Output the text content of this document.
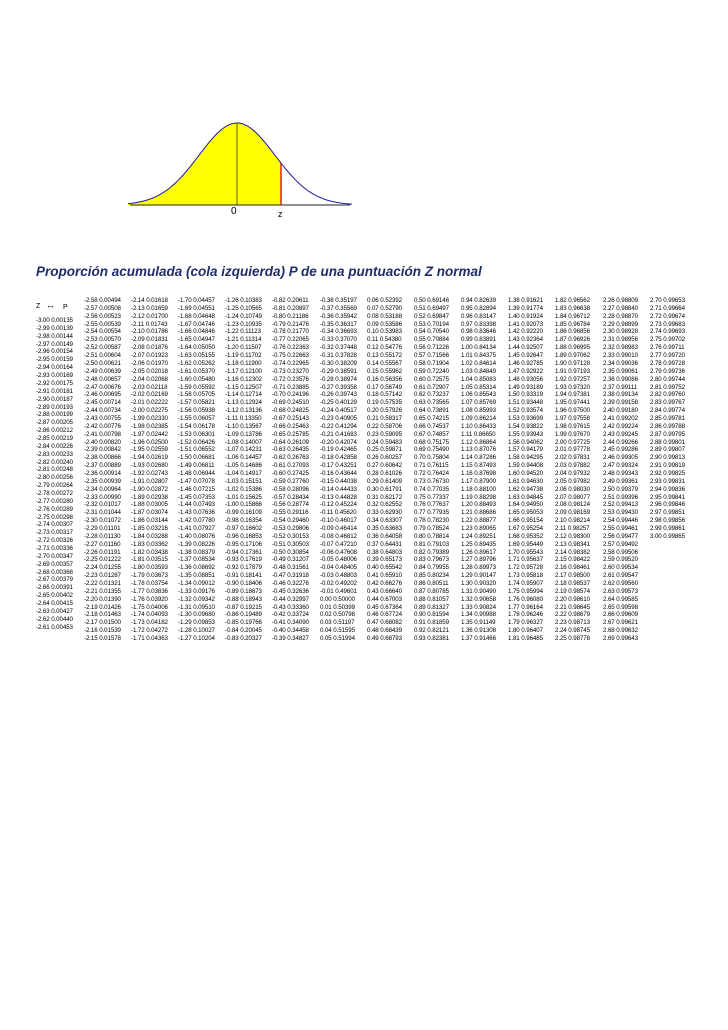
0	z
Proporción acumulada (cola izquierda) P de una puntuación Z normal
Z ↔ P
-3.00 0.00135
-2.99 0.00139
-2.98 0.00144
-2.97 0.00149
-2.96 0.00154
-2.95 0.00159
-2.94 0.00164
-2.93 0.00169
-2.92 0.00175
-2.91 0.00181
-2.90 0.00187
-2.89 0.00193
-2.88 0.00199
-2.87 0.00205
-2.86 0.00212
-2.85 0.00219
-2.84 0.00226
-2.83 0.00233
-2.82 0.00240
-2.81 0.00248
-2.80 0.00256
-2.79 0.00264
-2.78 0.00272
-2.77 0.00280
-2.76 0.00289
-2.75 0.00298
-2.74 0.00307
-2.73 0.00317
-2.72 0.00326
-2.71 0.00336
-2.70 0.00347
-2.69 0.00357
-2.68 0.00368
-2.67 0.00379
-2.66 0.00391
-2.65 0.00402
-2.64 0.00415
-2.63 0.00427
-2.62 0.00440
-2.61 0.00453
-2.58 0.00494
-2.57 0.00508
-2.56 0.00523
-2.55 0.00539
-2.54 0.00554
-2.53 0.00570
-2.52 0.00587
-2.51 0.00604
-2.50 0.00621
-2.49 0.00639
-2.48 0.00657
-2.47 0.00676
-2.46 0.00695
-2.45 0.00714
-2.44 0.00734
-2.43 0.00755
-2.42 0.00776
-2.41 0.00798
-2.40 0.00820
-2.39 0.00842
-2.38 0.00866
-2.37 0.00889
-2.36 0.00914
-2.35 0.00939
-2.34 0.00964
-2.33 0.00990
-2.32 0.01017
-2.31 0.01044
-2.30 0.01072
-2.29 0.01101
-2.28 0.01130
-2.27 0.01160
-2.26 0.01191
-2.25 0.01222
-2.24 0.01255
-2.23 0.01287
-2.22 0.01321
-2.21 0.01355
-2.20 0.01390
-2.19 0.01426
-2.18 0.01463
-2.17 0.01500
-2.16 0.01539
-2.15 0.01578
-2.14 0.01618
-2.13 0.01659
-2.12 0.01700
-2.11 0.01743
-2.10 0.01786
-2.09 0.01831
-2.08 0.01876
-2.07 0.01923
-2.06 0.01970
-2.05 0.02018
-2.04 0.02068
-2.03 0.02118
-2.02 0.02169
-2.01 0.02222
-2.00 0.02275
-1.99 0.02330
-1.98 0.02385
-1.97 0.02442
-1.96 0.02500
-1.95 0.02559
-1.94 0.02619
-1.93 0.02680
-1.92 0.02743
-1.91 0.02807
-1.90 0.02872
-1.89 0.02938
-1.88 0.03005
-1.87 0.03074
-1.86 0.03144
-1.85 0.03216
-1.84 0.03288
-1.83 0.03362
-1.82 0.03438
-1.81 0.03515
-1.80 0.03593
-1.79 0.03673
-1.78 0.03754
-1.77 0.03836
-1.76 0.03920
-1.75 0.04006
-1.74 0.04093
-1.73 0.04182
-1.72 0.04272
-1.71 0.04363
-1.70 0.04457
-1.69 0.04551
-1.68 0.04648
-1.67 0.04746
-1.66 0.04846
-1.65 0.04947
-1.64 0.05050
-1.63 0.05155
-1.62 0.05262
-1.61 0.05370
-1.60 0.05480
-1.59 0.05592
-1.58 0.05705
-1.57 0.05821
-1.56 0.05938
-1.55 0.06057
-1.54 0.06178
-1.53 0.06301
-1.52 0.06426
-1.51 0.06552
-1.50 0.06681
-1.49 0.06811
-1.48 0.06944
-1.47 0.07078
-1.46 0.07215
-1.45 0.07353
-1.44 0.07493
-1.43 0.07636
-1.42 0.07780
-1.41 0.07927
-1.40 0.08076
-1.39 0.08226
-1.38 0.08379
-1.37 0.08534
-1.36 0.08692
-1.35 0.08851
-1.34 0.09012
-1.33 0.09176
-1.32 0.09342
-1.31 0.09510
-1.30 0.09680
-1.29 0.09853
-1.28 0.10027
-1.27 0.10204
-1.26 0.10383
-1.25 0.10565
-1.24 0.10749
-1.23 0.10935
-1.22 0.11123
-1.21 0.11314
-1.20 0.11507
-1.19 0.11702
-1.18 0.11900
-1.17 0.12100
-1.16 0.12302
-1.15 0.12507
-1.14 0.12714
-1.13 0.12924
-1.12 0.13136
-1.11 0.13350
-1.10 0.13567
-1.09 0.13786
-1.08 0.14007
-1.07 0.14231
-1.06 0.14457
-1.05 0.14686
-1.04 0.14917
-1.03 0.15151
-1.02 0.15386
-1.01 0.15625
-1.00 0.15866
-0.99 0.16109
-0.98 0.16354
-0.97 0.16602
-0.96 0.16853
-0.95 0.17106
-0.94 0.17361
-0.93 0.17619
-0.92 0.17879
-0.91 0.18141
-0.90 0.18406
-0.89 0.18673
-0.88 0.18943
-0.87 0.19215
-0.86 0.19489
-0.85 0.19766
-0.84 0.20045
-0.83 0.20327
-0.82 0.20611
-0.81 0.20897
-0.80 0.21186
-0.79 0.21476
-0.78 0.21770
-0.77 0.22065
-0.76 0.22363
-0.75 0.22663
-0.74 0.22965
-0.73 0.23270
-0.72 0.23576
-0.71 0.23885
-0.70 0.24196
-0.69 0.24510
-0.68 0.24825
-0.67 0.25143
-0.66 0.25463
-0.65 0.25785
-0.64 0.26109
-0.63 0.26435
-0.62 0.26763
-0.61 0.27093
-0.60 0.27425
-0.59 0.27760
-0.58 0.28096
-0.57 0.28434
-0.56 0.28774
-0.55 0.29116
-0.54 0.29460
-0.53 0.29806
-0.52 0.30153
-0.51 0.30503
-0.50 0.30854
-0.49 0.31207
-0.48 0.31561
-0.47 0.31918
-0.46 0.32276
-0.45 0.32636
-0.44 0.32997
-0.43 0.33360
-0.42 0.33724
-0.41 0.34090
-0.40 0.34458
-0.39 0.34827
-0.38 0.35197
-0.37 0.35569
-0.36 0.35942
-0.35 0.36317
-0.34 0.36693
-0.33 0.37070
-0.32 0.37448
-0.31 0.37828
-0.30 0.38209
-0.29 0.38591
-0.28 0.38974
-0.27 0.39358
-0.26 0.39743
-0.25 0.40129
-0.24 0.40517
-0.23 0.40905
-0.22 0.41294
-0.21 0.41683
-0.20 0.42074
-0.19 0.42465
-0.18 0.42858
-0.17 0.43251
-0.16 0.43644
-0.15 0.44038
-0.14 0.44433
-0.13 0.44828
-0.12 0.45224
-0.11 0.45620
-0.10 0.46017
-0.09 0.46414
-0.08 0.46812
-0.07 0.47210
-0.06 0.47608
-0.05 0.48006
-0.04 0.48405
-0.03 0.48803
-0.02 0.49202
-0.01 0.49601
0.00 0.50000
0.01 0.50399
0.02 0.50798
0.03 0.51197
0.04 0.51595
0.05 0.51994
0.06 0.52392
0.07 0.52790
0.08 0.53188
0.09 0.53586
0.10 0.53983
0.11 0.54380
0.12 0.54776
0.13 0.55172
0.14 0.55567
0.15 0.55962
0.16 0.56356
0.17 0.56749
0.18 0.57142
0.19 0.57535
0.20 0.57926
0.21 0.58317
0.22 0.58706
0.23 0.59095
0.24 0.59483
0.25 0.59871
0.26 0.60257
0.27 0.60642
0.28 0.61026
0.29 0.61409
0.30 0.61791
0.31 0.62172
0.32 0.62552
0.33 0.62930
0.34 0.63307
0.35 0.63683
0.36 0.64058
0.37 0.64431
0.38 0.64803
0.39 0.65173
0.40 0.65542
0.41 0.65910
0.42 0.66276
0.43 0.66640
0.44 0.67003
0.45 0.67364
0.46 0.67724
0.47 0.68082
0.48 0.68439
0.49 0.68793
0.50 0.69146
0.51 0.69497
0.52 0.69847
0.53 0.70194
0.54 0.70540
0.55 0.70884
0.56 0.71226
0.57 0.71566
0.58 0.71904
0.59 0.72240
0.60 0.72575
0.61 0.72907
0.62 0.73237
0.63 0.73565
0.64 0.73891
0.65 0.74215
0.66 0.74537
0.67 0.74857
0.68 0.75175
0.69 0.75490
0.70 0.75804
0.71 0.76115
0.72 0.76424
0.73 0.76730
0.74 0.77035
0.75 0.77337
0.76 0.77637
0.77 0.77935
0.78 0.78230
0.79 0.78524
0.80 0.78814
0.81 0.79103
0.82 0.79389
0.83 0.79673
0.84 0.79955
0.85 0.80234
0.86 0.80511
0.87 0.80785
0.88 0.81057
0.89 0.81327
0.90 0.81594
0.91 0.81859
0.92 0.82121
0.93 0.82381
0.94 0.82639
0.95 0.82894
0.96 0.83147
0.97 0.83398
0.98 0.83646
0.99 0.83891
1.00 0.84134
1.01 0.84375
1.02 0.84614
1.03 0.84849
1.04 0.85083
1.05 0.85314
1.06 0.85543
1.07 0.85769
1.08 0.85993
1.09 0.86214
1.10 0.86433
1.11 0.86650
1.12 0.86864
1.13 0.87076
1.14 0.87286
1.15 0.87493
1.16 0.87698
1.17 0.87900
1.18 0.88100
1.19 0.88298
1.20 0.88493
1.21 0.88686
1.22 0.88877
1.23 0.89065
1.24 0.89251
1.25 0.89435
1.26 0.89617
1.27 0.89796
1.28 0.89973
1.29 0.90147
1.30 0.90320
1.31 0.90490
1.32 0.90658
1.33 0.90824
1.34 0.90988
1.35 0.91149
1.36 0.91308
1.37 0.91466
1.38 0.91621
1.39 0.91774
1.40 0.91924
1.41 0.92073
1.42 0.92220
1.43 0.92364
1.44 0.92507
1.45 0.92647
1.46 0.92785
1.47 0.92922
1.48 0.93056
1.49 0.93189
1.50 0.93319
1.51 0.93448
1.52 0.93574
1.53 0.93699
1.54 0.93822
1.55 0.93943
1.56 0.94062
1.57 0.94179
1.58 0.94295
1.59 0.94408
1.60 0.94520
1.61 0.94630
1.62 0.94738
1.63 0.94845
1.64 0.94950
1.65 0.95053
1.66 0.95154
1.67 0.95254
1.68 0.95352
1.69 0.95449
1.70 0.95543
1.71 0.95637
1.72 0.95728
1.73 0.95818
1.74 0.95907
1.75 0.95994
1.76 0.96080
1.77 0.96164
1.78 0.96246
1.79 0.96327
1.80 0.96407
1.81 0.96485
1.82 0.96562
1.83 0.96638
1.84 0.96712
1.85 0.96784
1.86 0.96856
1.87 0.96926
1.88 0.96995
1.89 0.97062
1.90 0.97128
1.91 0.97193
1.92 0.97257
1.93 0.97320
1.94 0.97381
1.95 0.97441
1.96 0.97500
1.97 0.97558
1.98 0.97615
1.99 0.97670
2.00 0.97725
2.01 0.97778
2.02 0.97831
2.03 0.97882
2.04 0.97932
2.05 0.97982
2.06 0.98030
2.07 0.98077
2.08 0.98124
2.09 0.98169
2.10 0.98214
2.11 0.98257
2.12 0.98300
2.13 0.98341
2.14 0.98382
2.15 0.98422
2.16 0.98461
2.17 0.98500
2.18 0.98537
2.19 0.98574
2.20 0.98610
2.21 0.98645
2.22 0.98679
2.23 0.98713
2.24 0.98745
2.25 0.98778
2.26 0.98809
2.27 0.98840
2.28 0.98870
2.29 0.98899
2.30 0.98928
2.31 0.98956
2.32 0.98983
2.33 0.99010
2.34 0.99036
2.35 0.99061
2.36 0.99086
2.37 0.99111
2.38 0.99134
2.39 0.99158
2.40 0.99180
2.41 0.99202
2.42 0.99224
2.43 0.99245
2.44 0.99266
2.45 0.99286
2.46 0.99305
2.47 0.99324
2.48 0.99343
2.49 0.99361
2.50 0.99379
2.51 0.99396
2.52 0.99413
2.53 0.99430
2.54 0.99446
2.55 0.99461
2.56 0.99477
2.57 0.99492
2.58 0.99506
2.59 0.99520
2.60 0.99534
2.61 0.99547
2.62 0.99560
2.63 0.99573
2.64 0.99585
2.65 0.99598
2.66 0.99609
2.67 0.99621
2.68 0.99632
2.69 0.99643
2.70 0.99653
2.71 0.99664
2.72 0.99674
2.73 0.99683
2.74 0.99693
2.75 0.99702
2.76 0.99711
2.77 0.99720
2.78 0.99728
2.79 0.99736
2.80 0.99744
2.81 0.99752
2.82 0.99760
2.83 0.99767
2.84 0.99774
2.85 0.99781
2.86 0.99788
2.87 0.99795
2.88 0.99801
2.89 0.99807
2.90 0.99813
2.91 0.99819
2.92 0.99825
2.93 0.99831
2.94 0.99836
2.95 0.99841
2.96 0.99846
2.97 0.99851
2.98 0.99856
2.99 0.99861
3.00 0.99865
